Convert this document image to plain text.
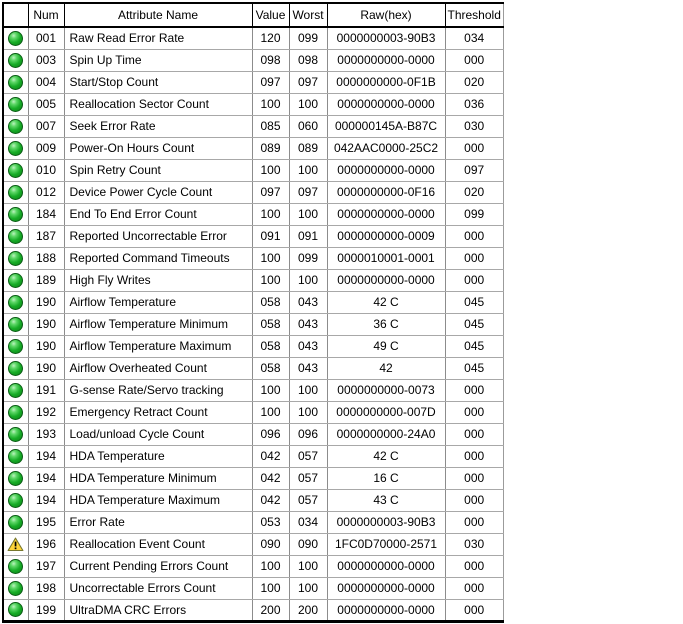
	Num	Attribute Name	Value	Worst	Raw(hex)	Threshold
	001	Raw Read Error Rate	120	099	0000000003-90B3	034
	003	Spin Up Time	098	098	0000000000-0000	000
	004	Start/Stop Count	097	097	0000000000-0F1B	020
	005	Reallocation Sector Count	100	100	0000000000-0000	036
	007	Seek Error Rate	085	060	000000145A-B87C	030
	009	Power-On Hours Count	089	089	042AAC0000-25C2	000
	010	Spin Retry Count	100	100	0000000000-0000	097
	012	Device Power Cycle Count	097	097	0000000000-0F16	020
	184	End To End Error Count	100	100	0000000000-0000	099
	187	Reported Uncorrectable Error	091	091	0000000000-0009	000
	188	Reported Command Timeouts	100	099	0000010001-0001	000
	189	High Fly Writes	100	100	0000000000-0000	000
	190	Airflow Temperature	058	043	42 C	045
	190	Airflow Temperature Minimum	058	043	36 C	045
	190	Airflow Temperature Maximum	058	043	49 C	045
	190	Airflow Overheated Count	058	043	42	045
	191	G-sense Rate/Servo tracking	100	100	0000000000-0073	000
	192	Emergency Retract Count	100	100	0000000000-007D	000
	193	Load/unload Cycle Count	096	096	0000000000-24A0	000
	194	HDA Temperature	042	057	42 C	000
	194	HDA Temperature Minimum	042	057	16 C	000
	194	HDA Temperature Maximum	042	057	43 C	000
	195	Error Rate	053	034	0000000003-90B3	000
	196	Reallocation Event Count	090	090	1FC0D70000-2571	030
	197	Current Pending Errors Count	100	100	0000000000-0000	000
	198	Uncorrectable Errors Count	100	100	0000000000-0000	000
	199	UltraDMA CRC Errors	200	200	0000000000-0000	000
